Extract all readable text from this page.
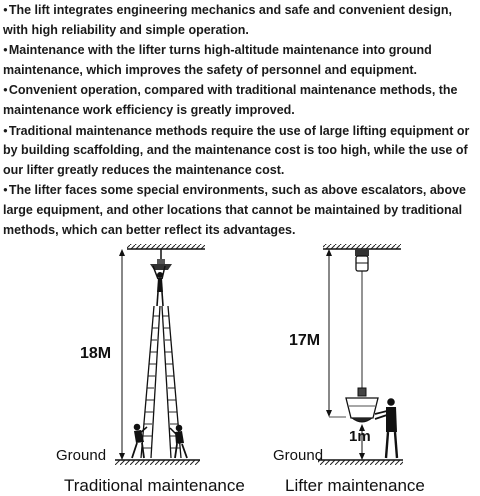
● The lift integrates engineering mechanics and safe and convenient design, with high reliability and simple operation.

● Maintenance with the lifter turns high-altitude maintenance into ground maintenance, which improves the safety of personnel and equipment.

● Convenient operation, compared with traditional maintenance methods, the maintenance work efficiency is greatly improved.

● Traditional maintenance methods require the use of large lifting equipment or by building scaffolding, and the maintenance cost is too high, while the use of our lifter greatly reduces the maintenance cost.

● The lifter faces some special environments, such as above escalators, above large equipment, and other locations that cannot be maintained by traditional methods, which can better reflect its advantages.

18M
Ground
Traditional maintenance
17M
1m
Ground
Lifter maintenance
